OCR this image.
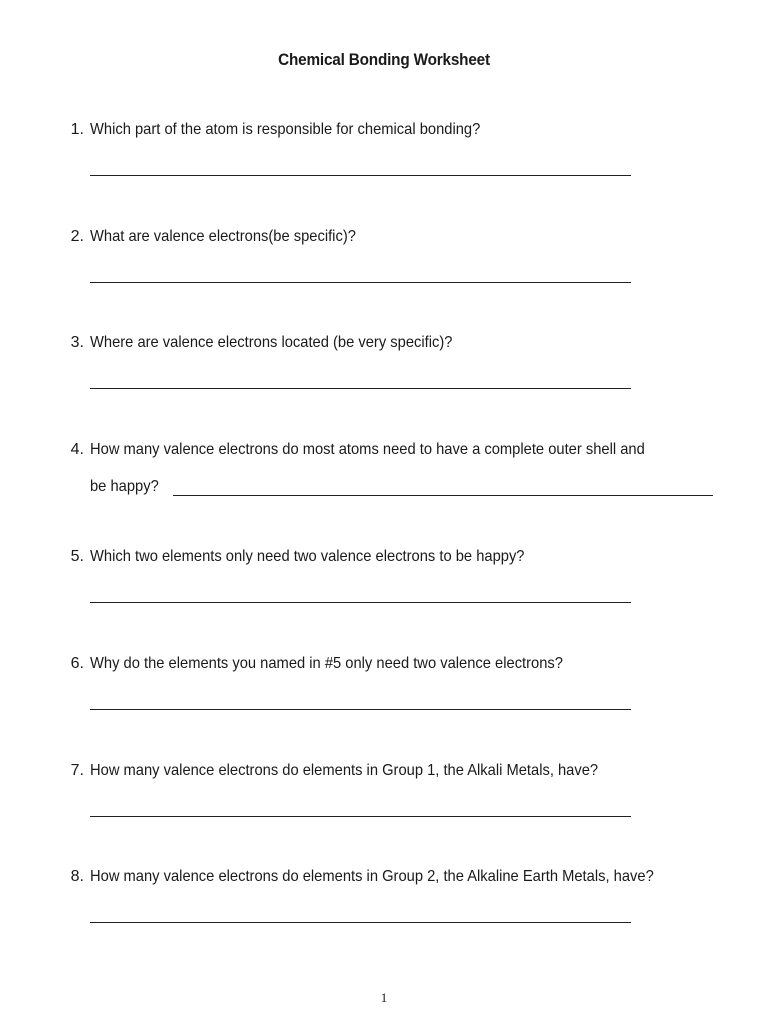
Chemical Bonding Worksheet
1. Which part of the atom is responsible for chemical bonding?
2. What are valence electrons(be specific)?
3. Where are valence electrons located (be very specific)?
4. How many valence electrons do most atoms need to have a complete outer shell and
be happy?
5. Which two elements only need two valence electrons to be happy?
6. Why do the elements you named in #5 only need two valence electrons?
7. How many valence electrons do elements in Group 1, the Alkali Metals, have?
8. How many valence electrons do elements in Group 2, the Alkaline Earth Metals, have?
1
